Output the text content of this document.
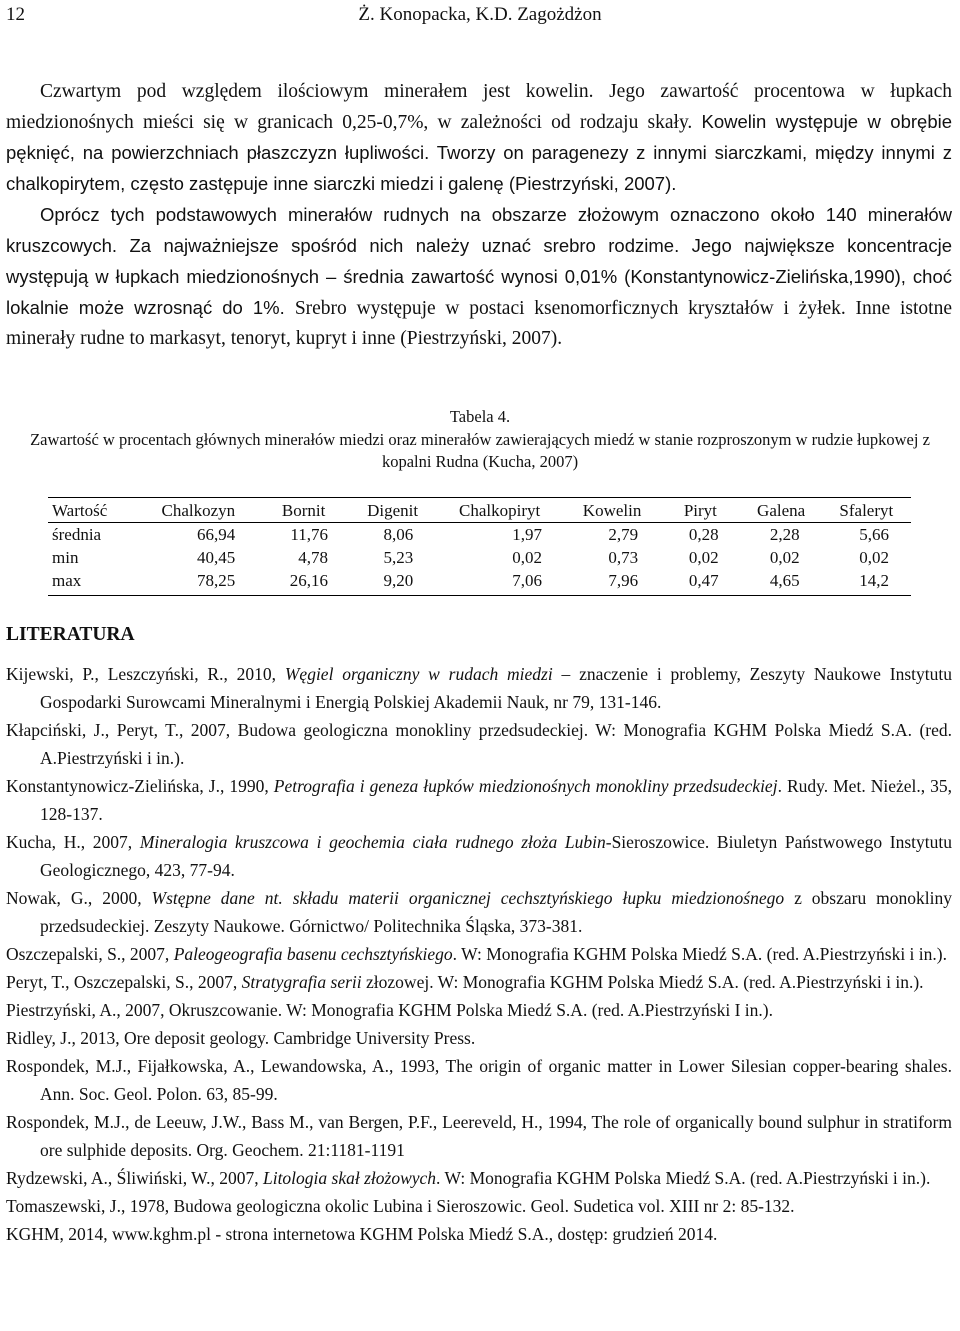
12	Ż. Konopacka, K.D. Zagożdżon

Czwartym pod względem ilościowym minerałem jest kowelin. Jego zawartość procentowa w łupkach miedzionośnych mieści się w granicach 0,25-0,7%, w zależności od rodzaju skały. Kowelin występuje w obrębie pęknięć, na powierzchniach płaszczyzn łupliwości. Tworzy on paragenezy z innymi siarczkami, między innymi z chalkopirytem, często zastępuje inne siarczki miedzi i galenę (Piestrzyński, 2007).

Oprócz tych podstawowych minerałów rudnych na obszarze złożowym oznaczono około 140 minerałów kruszcowych. Za najważniejsze spośród nich należy uznać srebro rodzime. Jego największe koncentracje występują w łupkach miedzionośnych – średnia zawartość wynosi 0,01% (Konstantynowicz-Zielińska,1990), choć lokalnie może wzrosnąć do 1%. Srebro występuje w postaci ksenomorficznych kryształów i żyłek. Inne istotne minerały rudne to markasyt, tenoryt, kupryt i inne (Piestrzyński, 2007).

Tabela 4.
Zawartość w procentach głównych minerałów miedzi oraz minerałów zawierających miedź w stanie rozproszonym w rudzie łupkowej z kopalni Rudna (Kucha, 2007)
Wartość	Chalkozyn	Bornit	Digenit	Chalkopiryt	Kowelin	Piryt	Galena	Sfaleryt
średnia	66,94	11,76	8,06	1,97	2,79	0,28	2,28	5,66
min	40,45	4,78	5,23	0,02	0,73	0,02	0,02	0,02
max	78,25	26,16	9,20	7,06	7,96	0,47	4,65	14,2
LITERATURA

Kijewski, P., Leszczyński, R., 2010, Węgiel organiczny w rudach miedzi – znaczenie i problemy, Zeszyty Naukowe Instytutu Gospodarki Surowcami Mineralnymi i Energią Polskiej Akademii Nauk, nr 79, 131-146.

Kłapciński, J., Peryt, T., 2007, Budowa geologiczna monokliny przedsudeckiej. W: Monografia KGHM Polska Miedź S.A. (red. A.Piestrzyński i in.).

Konstantynowicz-Zielińska, J., 1990, Petrografia i geneza łupków miedzionośnych monokliny przedsudeckiej. Rudy. Met. Nieżel., 35, 128-137.

Kucha, H., 2007, Mineralogia kruszcowa i geochemia ciała rudnego złoża Lubin-Sieroszowice. Biuletyn Państwowego Instytutu Geologicznego, 423, 77-94.

Nowak, G., 2000, Wstępne dane nt. składu materii organicznej cechsztyńskiego łupku miedzionośnego z obszaru monokliny przedsudeckiej. Zeszyty Naukowe. Górnictwo/ Politechnika Śląska, 373-381.

Oszczepalski, S., 2007, Paleogeografia basenu cechsztyńskiego. W: Monografia KGHM Polska Miedź S.A. (red. A.Piestrzyński i in.).

Peryt, T., Oszczepalski, S., 2007, Stratygrafia serii złozowej. W: Monografia KGHM Polska Miedź S.A. (red. A.Piestrzyński i in.).

Piestrzyński, A., 2007, Okruszcowanie. W: Monografia KGHM Polska Miedź S.A. (red. A.Piestrzyński I in.).

Ridley, J., 2013, Ore deposit geology. Cambridge University Press.

Rospondek, M.J., Fijałkowska, A., Lewandowska, A., 1993, The origin of organic matter in Lower Silesian copper-bearing shales. Ann. Soc. Geol. Polon. 63, 85-99.

Rospondek, M.J., de Leeuw, J.W., Bass M., van Bergen, P.F., Leereveld, H., 1994, The role of organically bound sulphur in stratiform ore sulphide deposits. Org. Geochem. 21:1181-1191

Rydzewski, A., Śliwiński, W., 2007, Litologia skał złożowych. W: Monografia KGHM Polska Miedź S.A. (red. A.Piestrzyński i in.).

Tomaszewski, J., 1978, Budowa geologiczna okolic Lubina i Sieroszowic. Geol. Sudetica vol. XIII nr 2: 85-132.

KGHM, 2014, www.kghm.pl - strona internetowa KGHM Polska Miedź S.A., dostęp: grudzień 2014.
